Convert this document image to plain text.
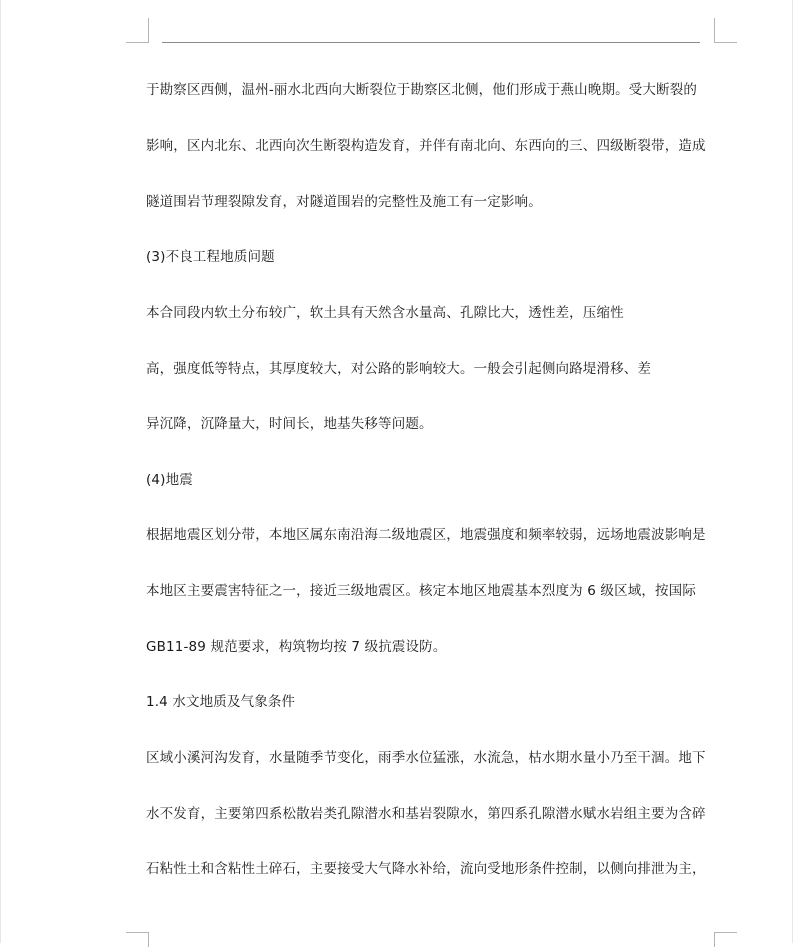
于勘察区西侧，温州-丽水北西向大断裂位于勘察区北侧，他们形成于燕山晚期。受大断裂的
影响，区内北东、北西向次生断裂构造发育，并伴有南北向、东西向的三、四级断裂带，造成
隧道围岩节理裂隙发育，对隧道围岩的完整性及施工有一定影响。
(3)不良工程地质问题
本合同段内软土分布较广，软土具有天然含水量高、孔隙比大，透性差，压缩性
高，强度低等特点，其厚度较大，对公路的影响较大。一般会引起侧向路堤滑移、差
异沉降，沉降量大，时间长，地基失移等问题。
(4)地震
根据地震区划分带，本地区属东南沿海二级地震区，地震强度和频率较弱，远场地震波影响是
本地区主要震害特征之一，接近三级地震区。核定本地区地震基本烈度为 6 级区域，按国际
GB11-89 规范要求，构筑物均按 7 级抗震设防。
1.4 水文地质及气象条件
区域小溪河沟发育，水量随季节变化，雨季水位猛涨，水流急，枯水期水量小乃至干涸。地下
水不发育，主要第四系松散岩类孔隙潜水和基岩裂隙水，第四系孔隙潜水赋水岩组主要为含碎
石粘性土和含粘性土碎石，主要接受大气降水补给，流向受地形条件控制，以侧向排泄为主，
